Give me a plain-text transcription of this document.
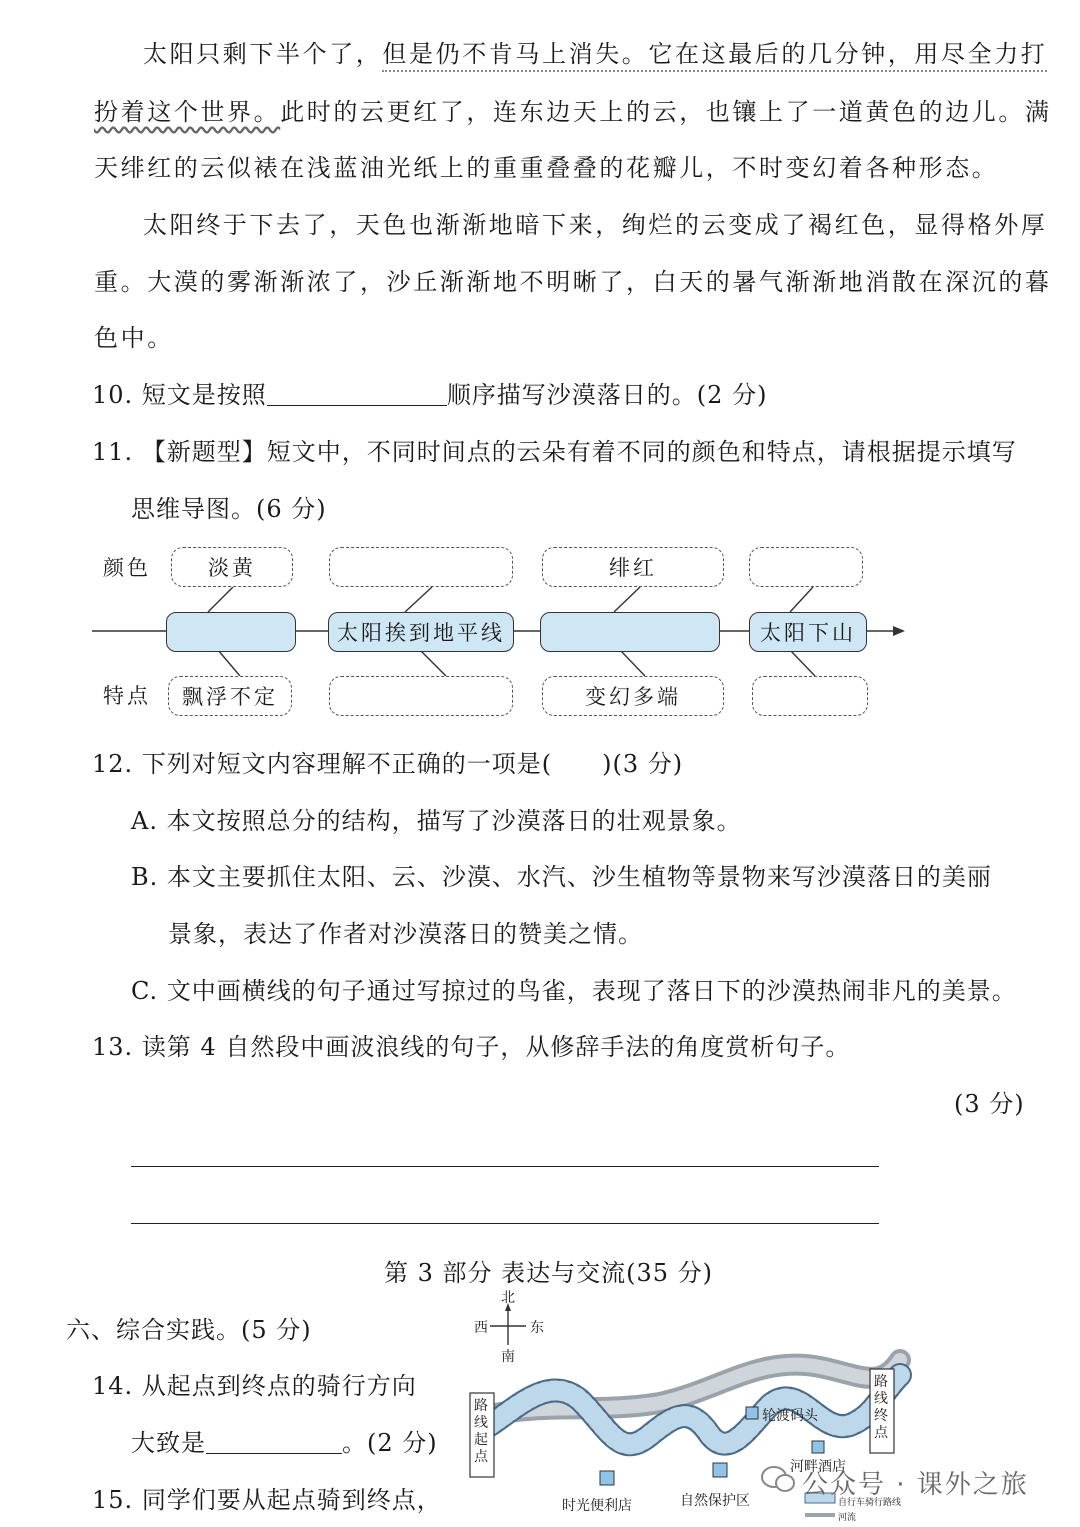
太阳只剩下半个了，但是仍不肯马上消失。它在这最后的几分钟，用尽全力打
扮着这个世界。此时的云更红了，连东边天上的云，也镶上了一道黄色的边儿。满
天绯红的云似裱在浅蓝油光纸上的重重叠叠的花瓣儿，不时变幻着各种形态。
太阳终于下去了，天色也渐渐地暗下来，绚烂的云变成了褐红色，显得格外厚
重。大漠的雾渐渐浓了，沙丘渐渐地不明晰了，白天的暑气渐渐地消散在深沉的暮
色中。
10. 短文是按照	顺序描写沙漠落日的。(2 分)
11. 【新题型】短文中，不同时间点的云朵有着不同的颜色和特点，请根据提示填写
思维导图。(6 分)
颜色
特点
淡黄	绯红
太阳挨到地平线	太阳下山
飘浮不定	变幻多端
12. 下列对短文内容理解不正确的一项是(　　)(3 分)
A. 本文按照总分的结构，描写了沙漠落日的壮观景象。
B. 本文主要抓住太阳、云、沙漠、水汽、沙生植物等景物来写沙漠落日的美丽
景象，表达了作者对沙漠落日的赞美之情。
C. 文中画横线的句子通过写掠过的鸟雀，表现了落日下的沙漠热闹非凡的美景。
13. 读第 4 自然段中画波浪线的句子，从修辞手法的角度赏析句子。
(3 分)
第 3 部分 表达与交流(35 分)
六、综合实践。(5 分)
14. 从起点到终点的骑行方向
大致是	。(2 分)
15. 同学们要从起点骑到终点，
北
南
西	东
路线起点
路线终点
轮渡码头
河畔酒店
时光便利店	自然保护区	自行车骑行路线
河流
公众号 · 课外之旅
